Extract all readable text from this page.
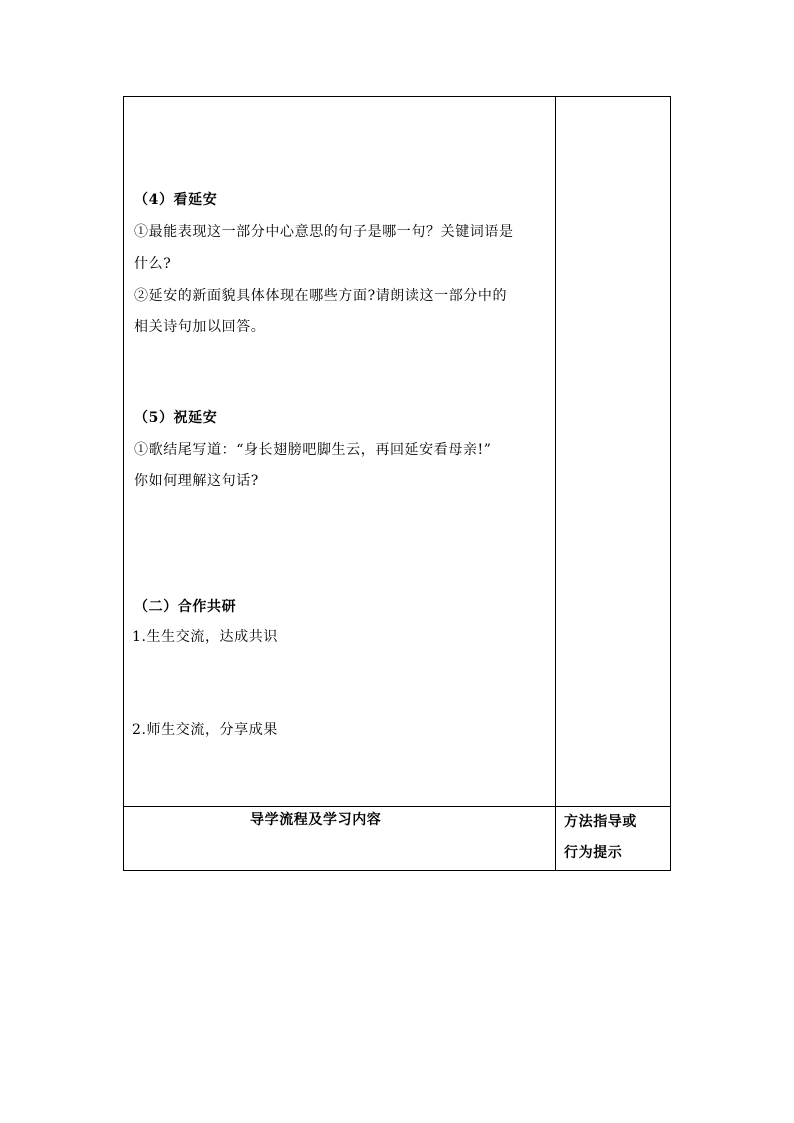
（4）看延安
①最能表现这一部分中心意思的句子是哪一句？关键词语是
什么?
②延安的新面貌具体体现在哪些方面?请朗读这一部分中的
相关诗句加以回答。
（5）祝延安
①歌结尾写道：“身长翅膀吧脚生云，再回延安看母亲!”
你如何理解这句话?
（二）合作共研
1.生生交流，达成共识
2.师生交流，分享成果
导学流程及学习内容	方法指导或
行为提示
